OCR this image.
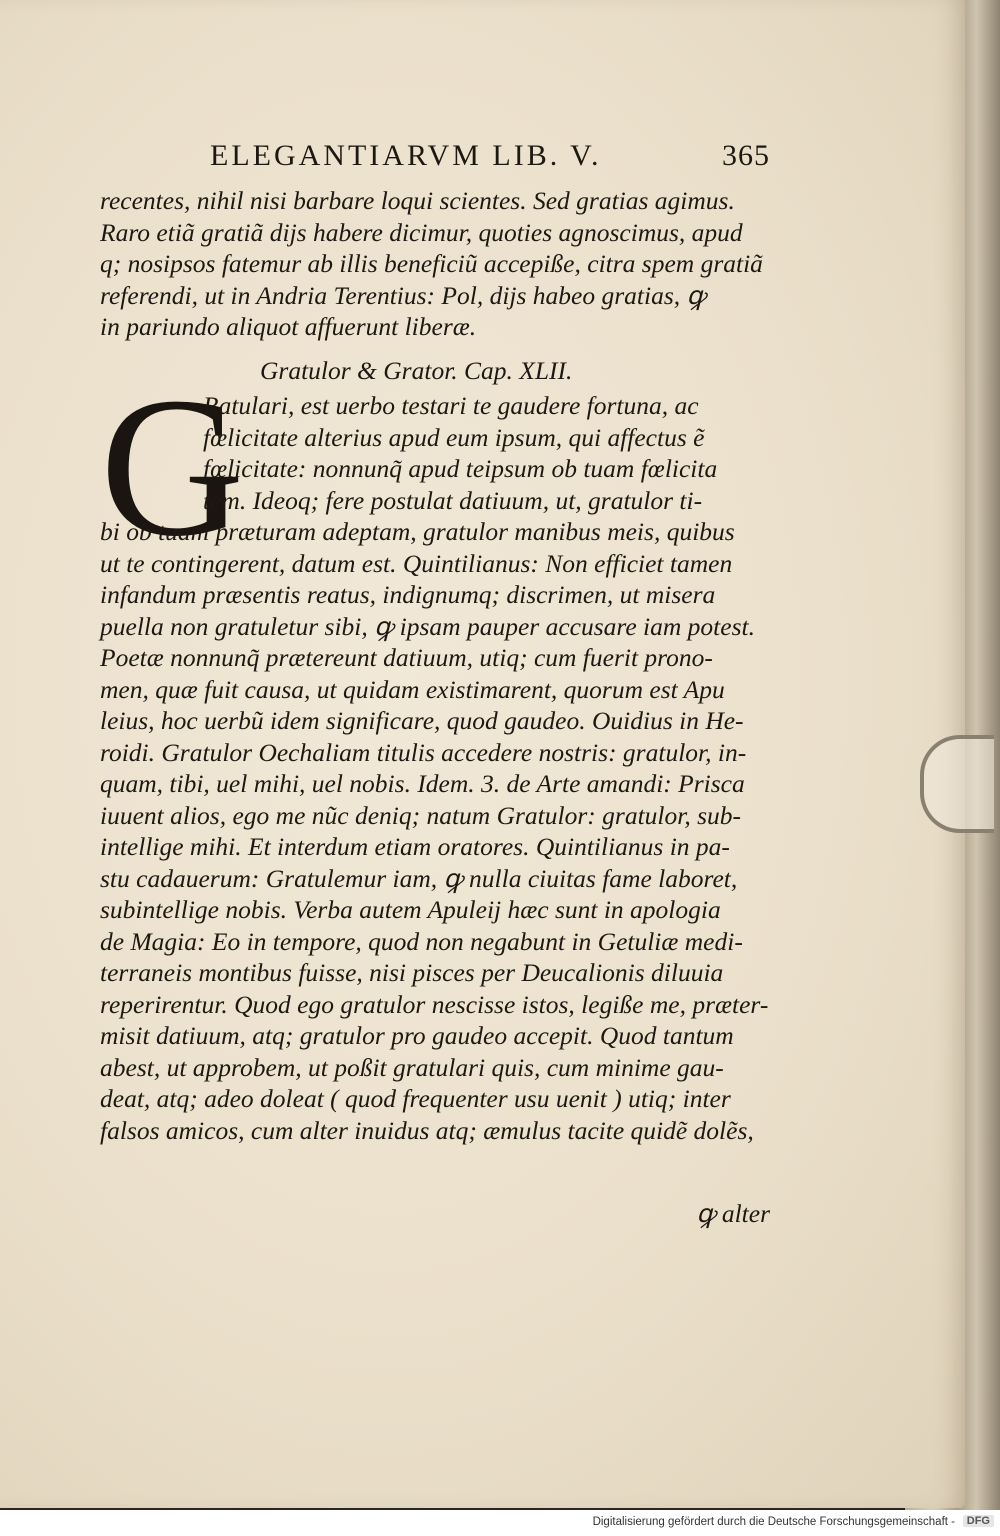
ELEGANTIARVM LIB. V.	365
recentes, nihil nisi barbare loqui scientes. Sed gratias agimus.
Raro etiã gratiã dijs habere dicimur, quoties agnoscimus, apud
q; nosipsos fatemur ab illis beneficiũ accepiße, citra spem gratiã
referendi, ut in Andria Terentius: Pol, dijs habeo gratias, ꝙ
in pariundo aliquot affuerunt liberæ.
Gratulor & Grator. Cap. XLII.
G
Ratulari, est uerbo testari te gaudere fortuna, ac
fœlicitate alterius apud eum ipsum, qui affectus ẽ
fœlicitate: nonnunq̃ apud teipsum ob tuam fœlicita
tem. Ideoq; fere postulat datiuum, ut, gratulor ti-
bi ob tuam præturam adeptam, gratulor manibus meis, quibus
ut te contingerent, datum est. Quintilianus: Non efficiet tamen
infandum præsentis reatus, indignumq; discrimen, ut misera
puella non gratuletur sibi, ꝙ ipsam pauper accusare iam potest.
Poetæ nonnunq̃ prætereunt datiuum, utiq; cum fuerit prono-
men, quæ fuit causa, ut quidam existimarent, quorum est Apu
leius, hoc uerbũ idem significare, quod gaudeo. Ouidius in He-
roidi. Gratulor Oechaliam titulis accedere nostris: gratulor, in-
quam, tibi, uel mihi, uel nobis. Idem. 3. de Arte amandi: Prisca
iuuent alios, ego me nũc deniq; natum Gratulor: gratulor, sub-
intellige mihi. Et interdum etiam oratores. Quintilianus in pa-
stu cadauerum: Gratulemur iam, ꝙ nulla ciuitas fame laboret,
subintellige nobis. Verba autem Apuleij hæc sunt in apologia
de Magia: Eo in tempore, quod non negabunt in Getuliæ medi-
terraneis montibus fuisse, nisi pisces per Deucalionis diluuia
reperirentur. Quod ego gratulor nescisse istos, legiße me, præter-
misit datiuum, atq; gratulor pro gaudeo accepit. Quod tantum
abest, ut approbem, ut poßit gratulari quis, cum minime gau-
deat, atq; adeo doleat ( quod frequenter usu uenit ) utiq; inter
falsos amicos, cum alter inuidus atq; æmulus tacite quidẽ dolẽs,
ꝙ alter
Digitalisierung gefördert durch die Deutsche Forschungsgemeinschaft -	DFG
